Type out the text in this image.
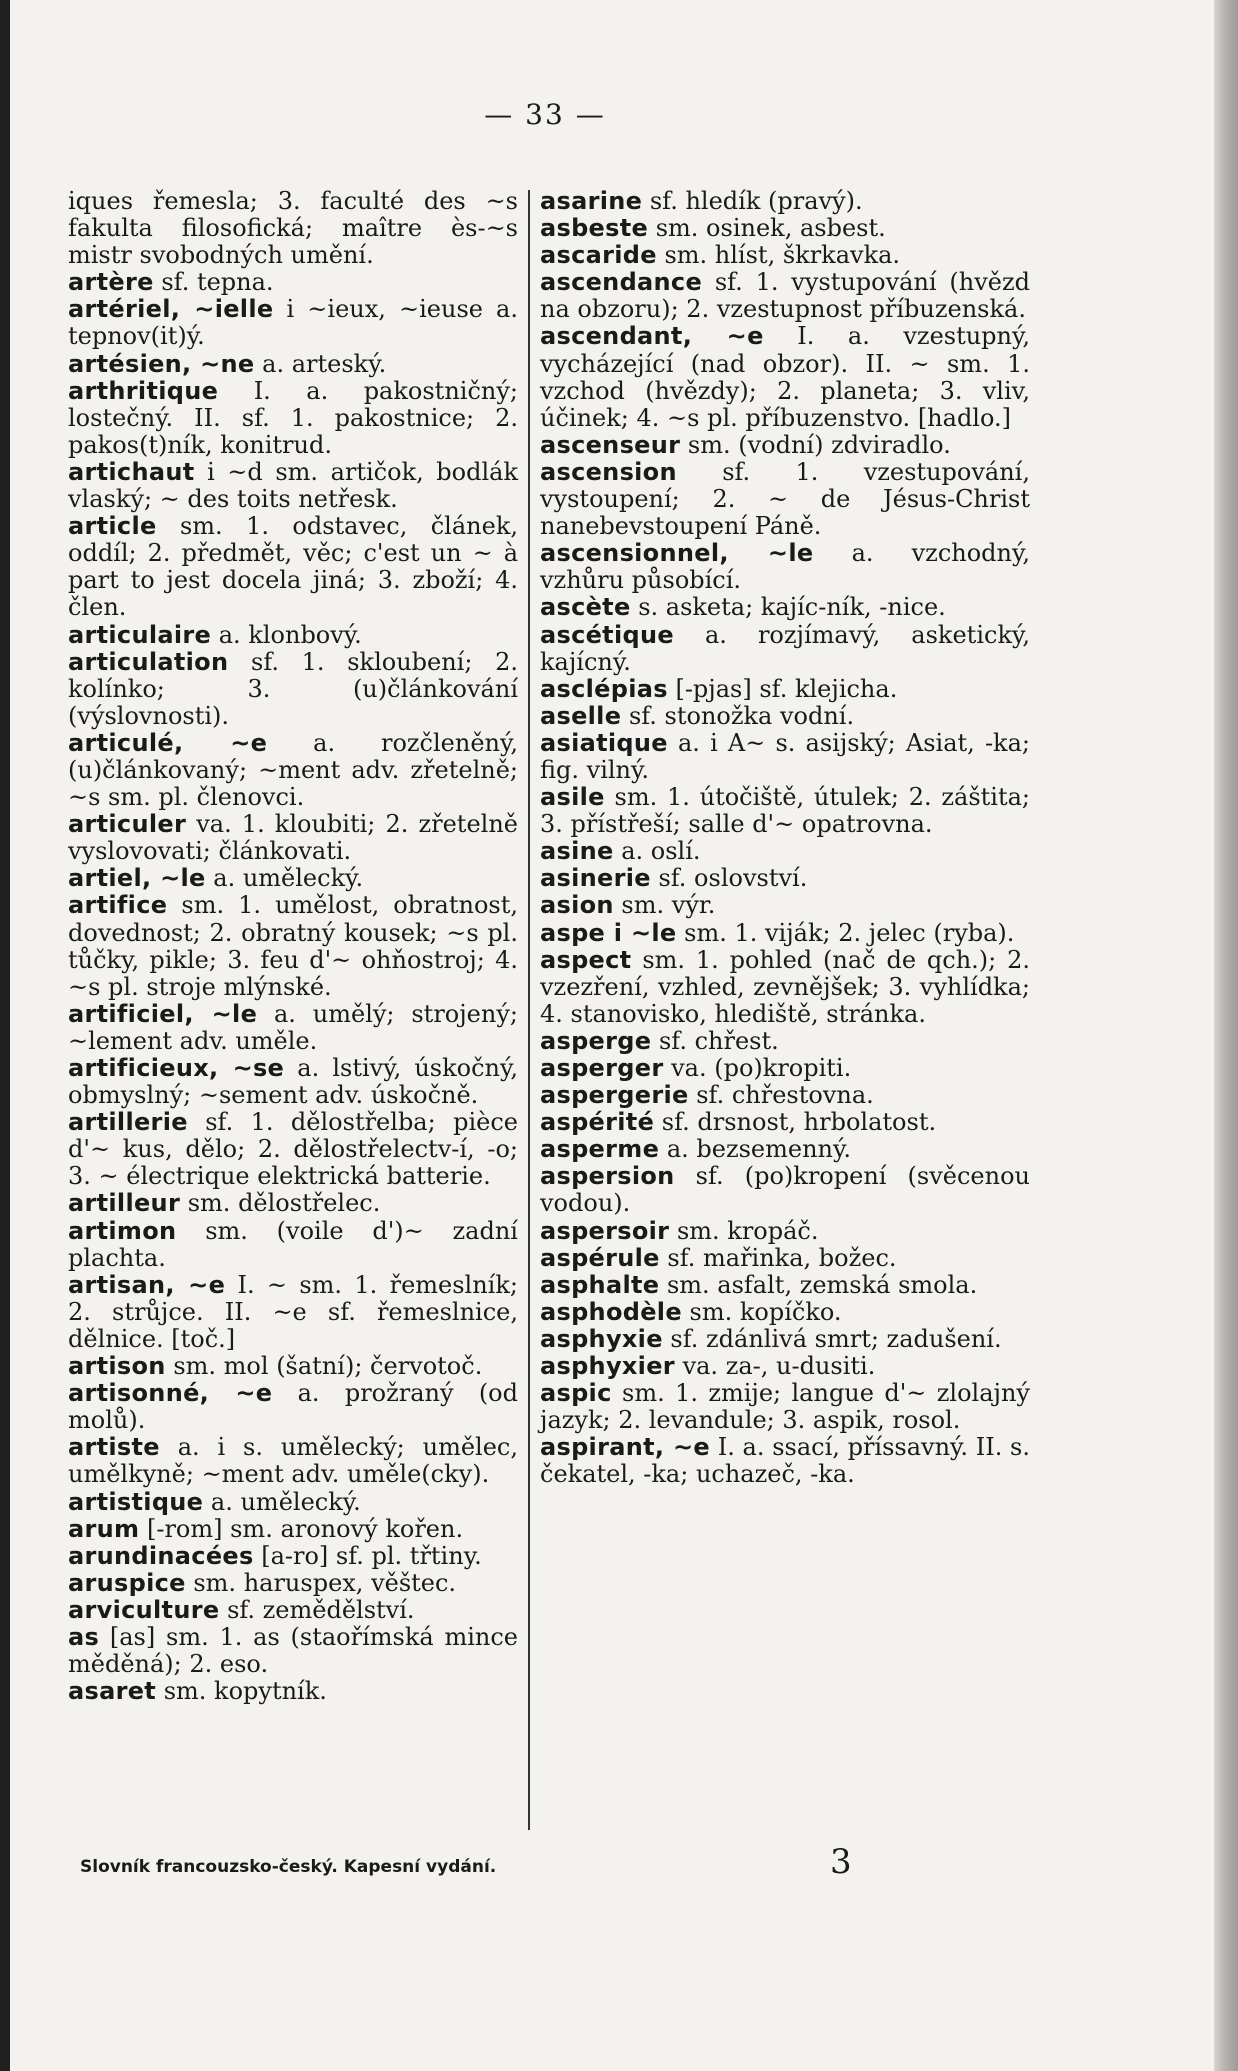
— 33 —

iques řemesla; 3. faculté des ~s fakulta filosofická; maître ès-~s mistr svobodných umění.

artère sf. tepna.

artériel, ~ielle i ~ieux, ~ieuse a. tepnov(it)ý.

artésien, ~ne a. arteský.

arthritique I. a. pakostničný; lostečný. II. sf. 1. pakostnice; 2. pakos(t)ník, konitrud.

artichaut i ~d sm. artičok, bodlák vlaský; ~ des toits netřesk.

article sm. 1. odstavec, článek, oddíl; 2. předmět, věc; c'est un ~ à part to jest docela jiná; 3. zboží; 4. člen.

articulaire a. klonbový.

articulation sf. 1. skloubení; 2. kolínko; 3. (u)článkování (výslovnosti).

articulé, ~e a. rozčleněný, (u)článkovaný; ~ment adv. zřetelně; ~s sm. pl. členovci.

articuler va. 1. kloubiti; 2. zřetelně vyslovovati; článkovati.

artiel, ~le a. umělecký.

artifice sm. 1. umělost, obratnost, dovednost; 2. obratný kousek; ~s pl. tůčky, pikle; 3. feu d'~ ohňostroj; 4. ~s pl. stroje mlýnské.

artificiel, ~le a. umělý; strojený; ~lement adv. uměle.

artificieux, ~se a. lstivý, úskočný, obmyslný; ~sement adv. úskočně.

artillerie sf. 1. dělostřelba; pièce d'~ kus, dělo; 2. dělostřelectv-í, -o; 3. ~ électrique elektrická batterie.

artilleur sm. dělostřelec.

artimon sm. (voile d')~ zadní plachta.

artisan, ~e I. ~ sm. 1. řemeslník; 2. strůjce. II. ~e sf. řemeslnice, dělnice. [toč.]

artison sm. mol (šatní); červotoč.

artisonné, ~e a. prožraný (od molů).

artiste a. i s. umělecký; umělec, umělkyně; ~ment adv. uměle(cky).

artistique a. umělecký.

arum [-rom] sm. aronový kořen.

arundinacées [a-ro] sf. pl. třtiny.

aruspice sm. haruspex, věštec.

arviculture sf. zemědělství.

as [as] sm. 1. as (staořímská mince měděná); 2. eso.

asaret sm. kopytník.

asarine sf. hledík (pravý).

asbeste sm. osinek, asbest.

ascaride sm. hlíst, škrkavka.

ascendance sf. 1. vystupování (hvězd na obzoru); 2. vzestupnost příbuzenská.

ascendant, ~e I. a. vzestupný, vycházející (nad obzor). II. ~ sm. 1. vzchod (hvězdy); 2. planeta; 3. vliv, účinek; 4. ~s pl. příbuzenstvo. [hadlo.]

ascenseur sm. (vodní) zdviradlo.

ascension sf. 1. vzestupování, vystoupení; 2. ~ de Jésus-Christ nanebevstoupení Páně.

ascensionnel, ~le a. vzchodný, vzhůru působící.

ascète s. asketa; kajíc-ník, -nice.

ascétique a. rozjímavý, asketický, kajícný.

asclépias [-pjas] sf. klejicha.

aselle sf. stonožka vodní.

asiatique a. i A~ s. asijský; Asiat, -ka; fig. vilný.

asile sm. 1. útočiště, útulek; 2. záštita; 3. přístřeší; salle d'~ opatrovna.

asine a. oslí.

asinerie sf. oslovství.

asion sm. výr.

aspe i ~le sm. 1. viják; 2. jelec (ryba).

aspect sm. 1. pohled (nač de qch.); 2. vzezření, vzhled, zevnějšek; 3. vyhlídka; 4. stanovisko, hlediště, stránka.

asperge sf. chřest.

asperger va. (po)kropiti.

aspergerie sf. chřestovna.

aspérité sf. drsnost, hrbolatost.

asperme a. bezsemenný.

aspersion sf. (po)kropení (svěcenou vodou).

aspersoir sm. kropáč.

aspérule sf. mařinka, božec.

asphalte sm. asfalt, zemská smola.

asphodèle sm. kopíčko.

asphyxie sf. zdánlivá smrt; zadušení.

asphyxier va. za-, u-dusiti.

aspic sm. 1. zmije; langue d'~ zlolajný jazyk; 2. levandule; 3. aspik, rosol.

aspirant, ~e I. a. ssací, příssavný. II. s. čekatel, -ka; uchazeč, -ka.

Slovník francouzsko-český. Kapesní vydání.	3
